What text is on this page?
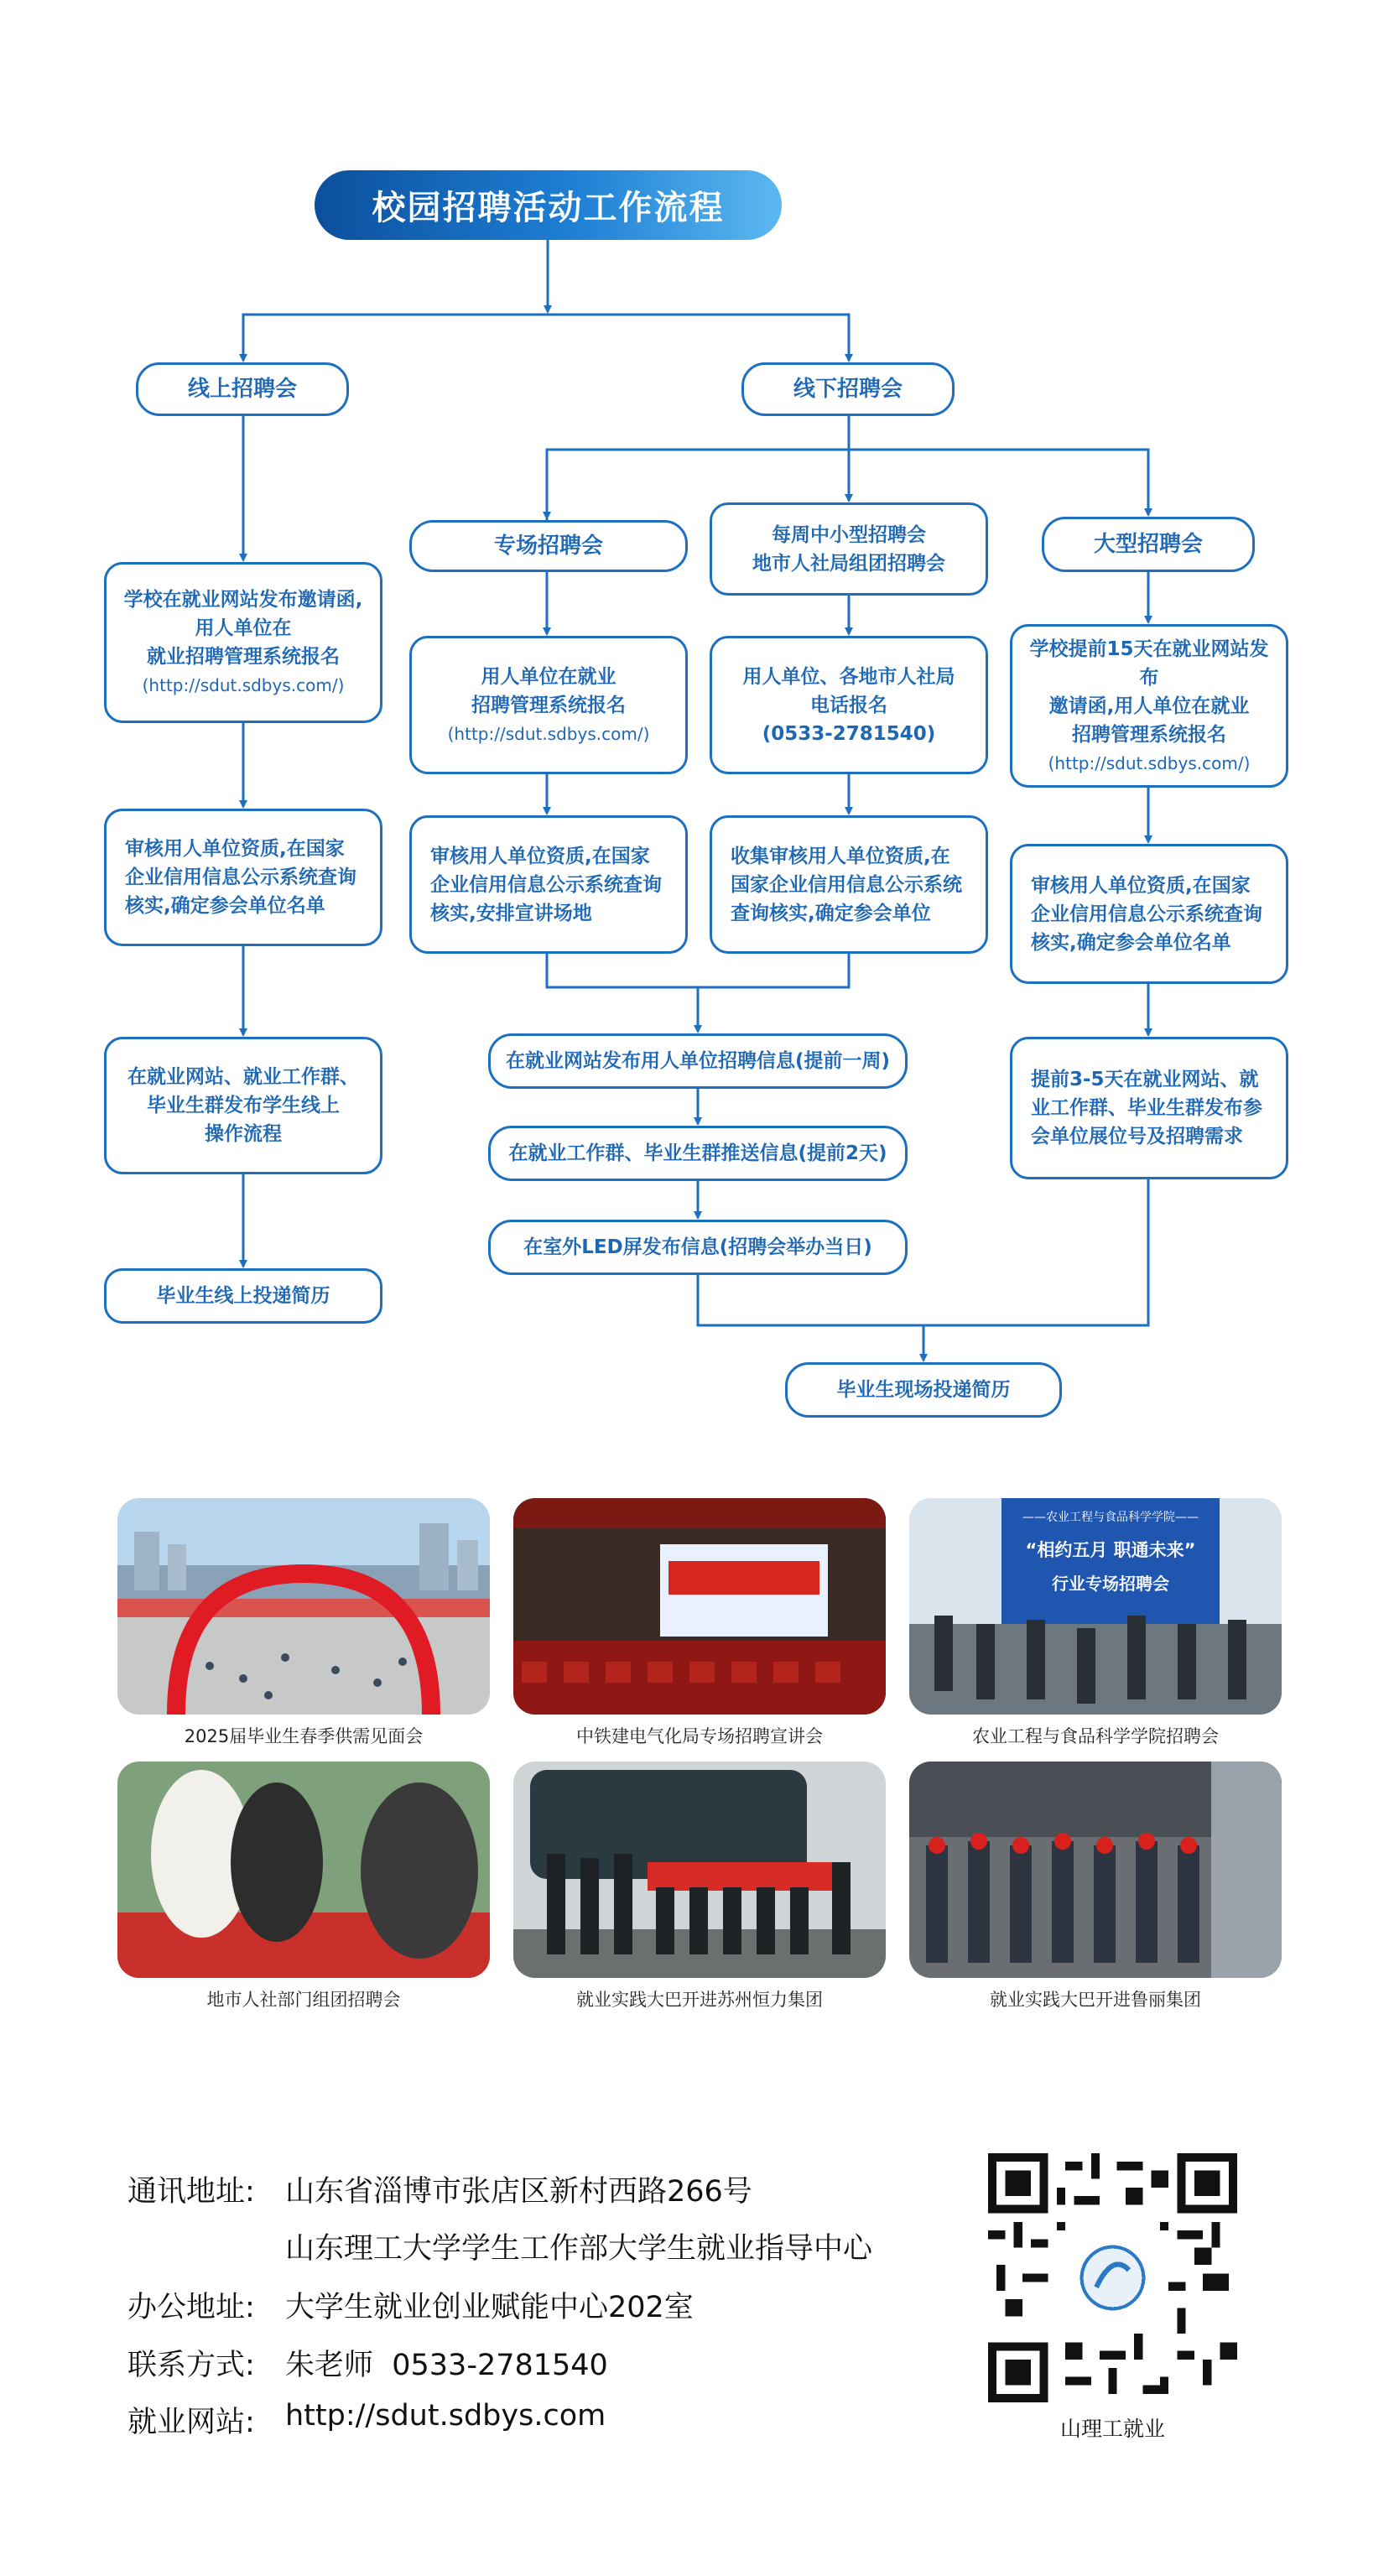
校园招聘活动工作流程
线上招聘会	线下招聘会
学校在就业网站发布邀请函,
用人单位在
就业招聘管理系统报名
(http://sdut.sdbys.com/)
审核用人单位资质,在国家
企业信用信息公示系统查询
核实,确定参会单位名单
在就业网站、就业工作群、
毕业生群发布学生线上
操作流程
毕业生线上投递简历
专场招聘会
用人单位在就业
招聘管理系统报名
(http://sdut.sdbys.com/)
审核用人单位资质,在国家
企业信用信息公示系统查询
核实,安排宣讲场地
每周中小型招聘会
地市人社局组团招聘会
用人单位、各地市人社局
电话报名
(0533-2781540)
收集审核用人单位资质,在
国家企业信用信息公示系统
查询核实,确定参会单位
大型招聘会
学校提前15天在就业网站发布
邀请函,用人单位在就业
招聘管理系统报名
(http://sdut.sdbys.com/)
审核用人单位资质,在国家
企业信用信息公示系统查询
核实,确定参会单位名单
提前3-5天在就业网站、就
业工作群、毕业生群发布参
会单位展位号及招聘需求
在就业网站发布用人单位招聘信息(提前一周)
在就业工作群、毕业生群推送信息(提前2天)
在室外LED屏发布信息(招聘会举办当日)
毕业生现场投递简历
2025届毕业生春季供需见面会	中铁建电气化局专场招聘宣讲会
——农业工程与食品科学学院——
“相约五月 职通未来”
行业专场招聘会
农业工程与食品科学学院招聘会
地市人社部门组团招聘会	就业实践大巴开进苏州恒力集团	就业实践大巴开进鲁丽集团
通讯地址: 山东省淄博市张店区新村西路266号
山东理工大学学生工作部大学生就业指导中心
办公地址: 大学生就业创业赋能中心202室
联系方式: 朱老师  0533-2781540
就业网站: http://sdut.sdbys.com	山理工就业
